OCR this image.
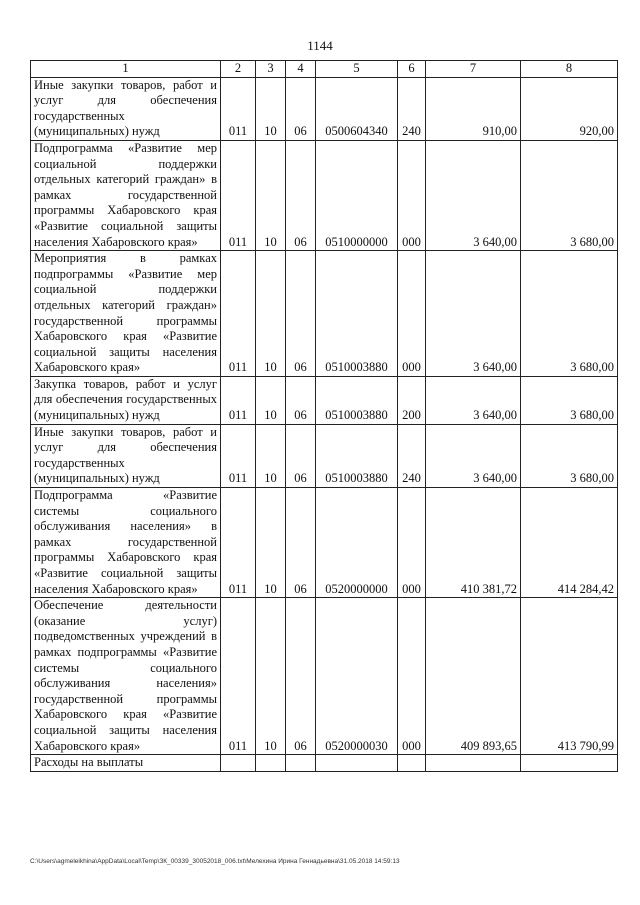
1144
1	2	3	4	5	6	7	8
Иные закупки товаров, работ и услуг для обеспечения государственных (муниципальных) нужд	011	10	06	0500604340	240	910,00	920,00
Подпрограмма «Развитие мер социальной поддержки отдельных категорий граждан» в рамках государственной программы Хабаровского края «Развитие социальной защиты населения Хабаровского края»	011	10	06	0510000000	000	3 640,00	3 680,00
Мероприятия в рамках подпрограммы «Развитие мер социальной поддержки отдельных категорий граждан» государственной программы Хабаровского края «Развитие социальной защиты населения Хабаровского края»	011	10	06	0510003880	000	3 640,00	3 680,00
Закупка товаров, работ и услуг для обеспечения государственных (муниципальных) нужд	011	10	06	0510003880	200	3 640,00	3 680,00
Иные закупки товаров, работ и услуг для обеспечения государственных (муниципальных) нужд	011	10	06	0510003880	240	3 640,00	3 680,00
Подпрограмма «Развитие системы социального обслуживания населения» в рамках государственной программы Хабаровского края «Развитие социальной защиты населения Хабаровского края»	011	10	06	0520000000	000	410 381,72	414 284,42
Обеспечение деятельности (оказание услуг) подведомственных учреждений в рамках подпрограммы «Развитие системы социального обслуживания населения» государственной программы Хабаровского края «Развитие социальной защиты населения Хабаровского края»	011	10	06	0520000030	000	409 893,65	413 790,99
Расходы на выплаты							
C:\Users\agmeleikhina\AppData\Local\Temp\ЗК_00339_30052018_006.txt\Мелехина Ирина Геннадьевна\31.05.2018 14:59:13
